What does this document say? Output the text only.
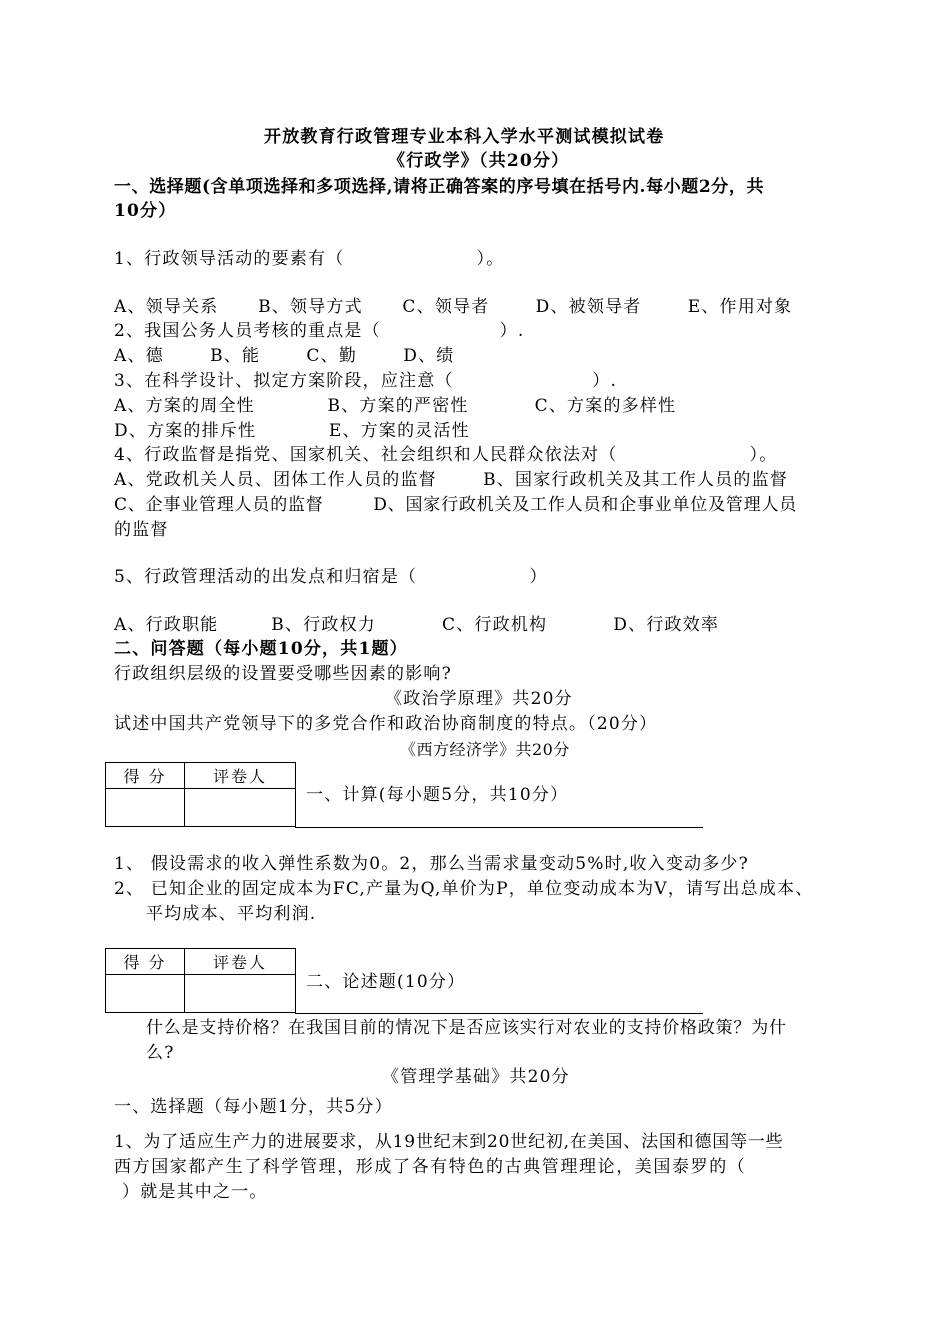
开放教育行政管理专业本科入学水平测试模拟试卷
《行政学》（共20分）
一、选择题(含单项选择和多项选择,请将正确答案的序号填在括号内.每小题2分，共
10分）
1、行政领导活动的要素有（                    ）。
A、领导关系      B、领导方式      C、领导者       D、被领导者       E、作用对象
2、我国公务人员考核的重点是（                  ）.
A、德       B、能       C、勤       D、绩
3、在科学设计、拟定方案阶段，应注意（                     ）.
A、方案的周全性           B、方案的严密性          C、方案的多样性
D、方案的排斥性           E、方案的灵活性
4、行政监督是指党、国家机关、社会组织和人民群众依法对（                    ）。
A、党政机关人员、团体工作人员的监督       B、国家行政机关及其工作人员的监督
C、企事业管理人员的监督        D、国家行政机关及工作人员和企事业单位及管理人员
的监督
5、行政管理活动的出发点和归宿是（                 ）
A、行政职能        B、行政权力          C、行政机构          D、行政效率
二、问答题（每小题10分，共1题）
行政组织层级的设置要受哪些因素的影响?
《政治学原理》共20分
试述中国共产党领导下的多党合作和政治协商制度的特点。（20分）
《西方经济学》共20分
得 分	评卷人

一、计算(每小题5分，共10分）
1、 假设需求的收入弹性系数为0。2，那么当需求量变动5%时,收入变动多少?
2、 已知企业的固定成本为FC,产量为Q,单价为P，单位变动成本为V，请写出总成本、
平均成本、平均利润.
得 分	评卷人

二、论述题(10分）
什么是支持价格？在我国目前的情况下是否应该实行对农业的支持价格政策？为什
么?
《管理学基础》共20分
一、选择题（每小题1分，共5分）
1、为了适应生产力的进展要求，从19世纪末到20世纪初,在美国、法国和德国等一些
西方国家都产生了科学管理，形成了各有特色的古典管理理论，美国泰罗的（
）就是其中之一。
